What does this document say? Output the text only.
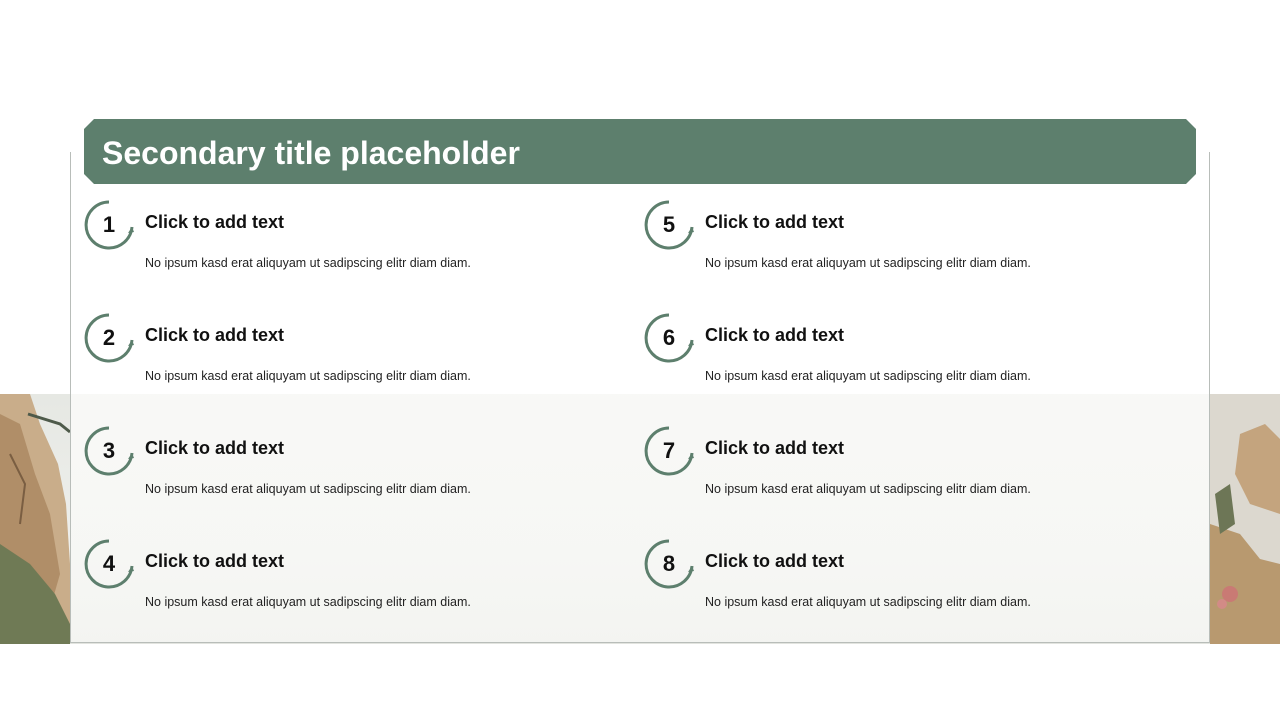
Secondary title placeholder
1	Click to add text
No ipsum kasd erat aliquyam ut sadipscing elitr diam diam.
2	Click to add text
No ipsum kasd erat aliquyam ut sadipscing elitr diam diam.
3	Click to add text
No ipsum kasd erat aliquyam ut sadipscing elitr diam diam.
4	Click to add text
No ipsum kasd erat aliquyam ut sadipscing elitr diam diam.
5	Click to add text
No ipsum kasd erat aliquyam ut sadipscing elitr diam diam.
6	Click to add text
No ipsum kasd erat aliquyam ut sadipscing elitr diam diam.
7	Click to add text
No ipsum kasd erat aliquyam ut sadipscing elitr diam diam.
8	Click to add text
No ipsum kasd erat aliquyam ut sadipscing elitr diam diam.
